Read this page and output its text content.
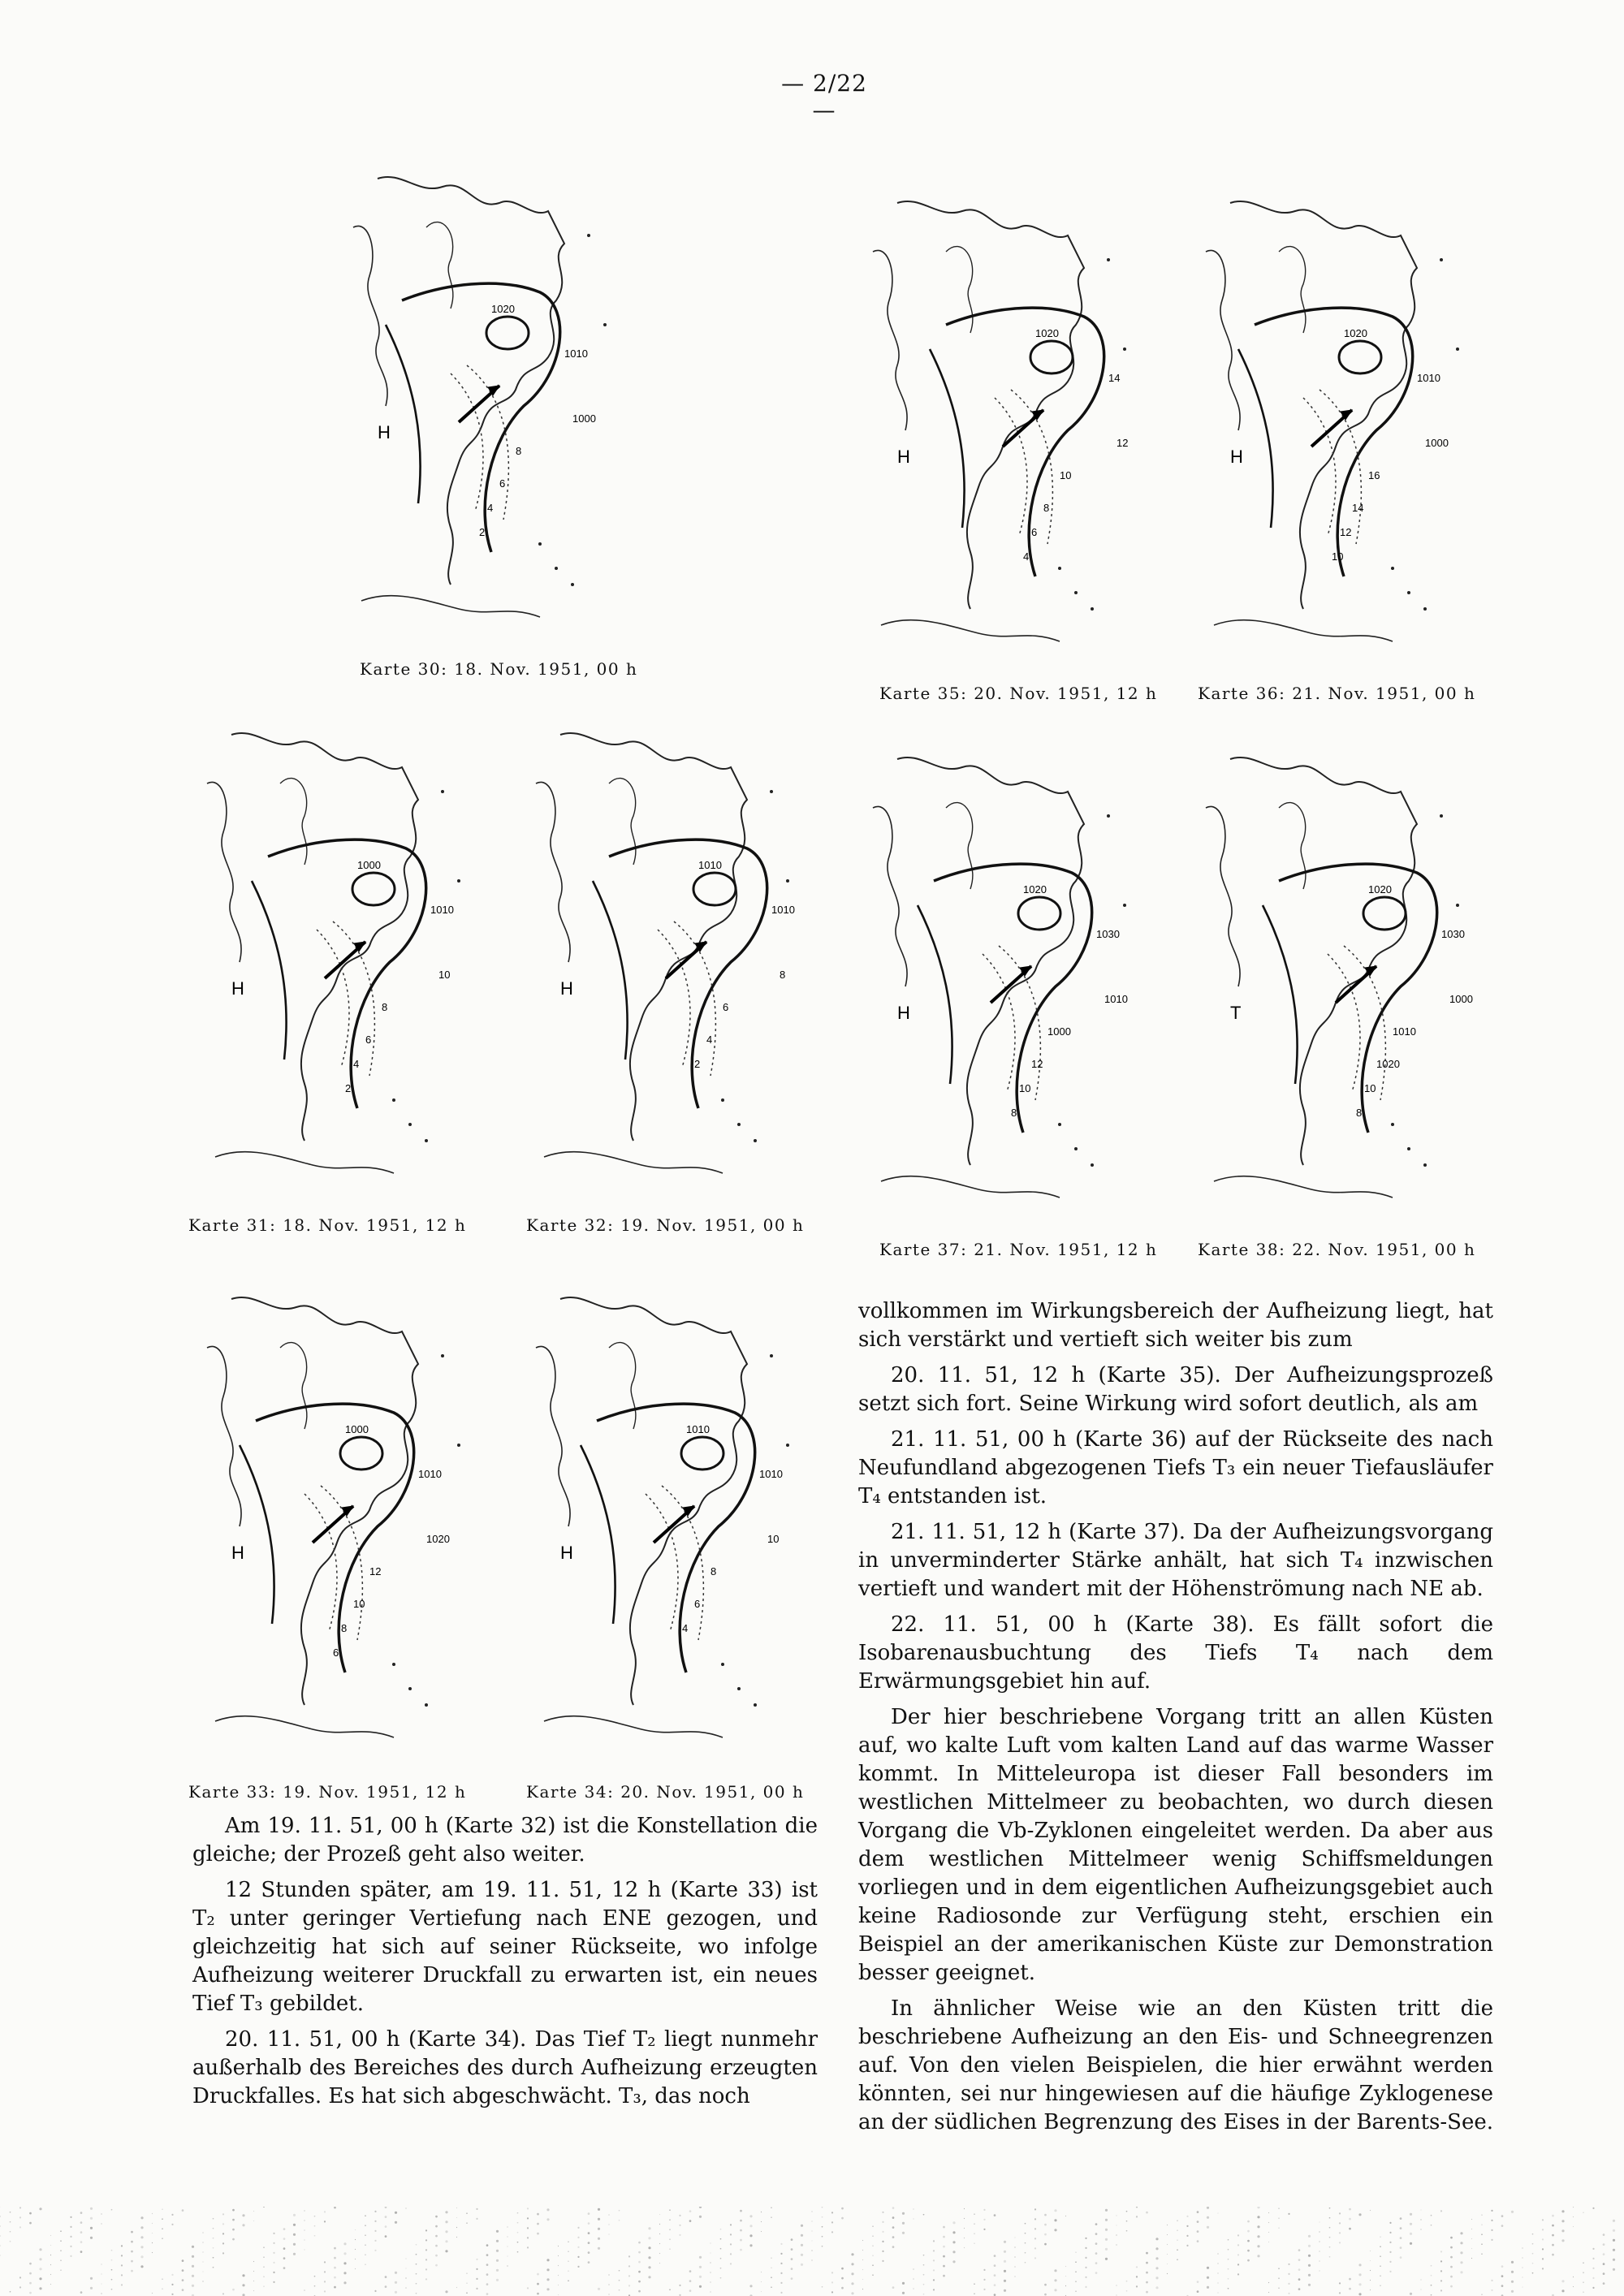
— 2/22 —
1020
1010
1000
8
6
4
2
H
Karte 30: 18. Nov. 1951, 00 h
1000
1010
10
8
6
4
2
H
Karte 31: 18. Nov. 1951, 12 h
1010
1010
8
6
4
2
H
Karte 32: 19. Nov. 1951, 00 h
1000
1010
1020
12
10
8
6
H
Karte 33: 19. Nov. 1951, 12 h
1010
1010
10
8
6
4
H
Karte 34: 20. Nov. 1951, 00 h
1020
14
12
10
8
6
4
H
Karte 35: 20. Nov. 1951, 12 h
1020
1010
1000
16
14
12
10
H
Karte 36: 21. Nov. 1951, 00 h
1020
1030
1010
1000
12
10
8
H
Karte 37: 21. Nov. 1951, 12 h
1020
1030
1000
1010
1020
10
8
T
Karte 38: 22. Nov. 1951, 00 h

Am 19. 11. 51, 00 h (Karte 32) ist die Konstellation die gleiche; der Prozeß geht also weiter.

12 Stunden später, am 19. 11. 51, 12 h (Karte 33) ist T₂ unter geringer Vertiefung nach ENE gezogen, und gleichzeitig hat sich auf seiner Rückseite, wo infolge Aufheizung weiterer Druckfall zu erwarten ist, ein neues Tief T₃ gebildet.

20. 11. 51, 00 h (Karte 34). Das Tief T₂ liegt nunmehr außerhalb des Bereiches des durch Aufheizung erzeugten Druckfalles. Es hat sich abgeschwächt. T₃, das noch

vollkommen im Wirkungsbereich der Aufheizung liegt, hat sich verstärkt und vertieft sich weiter bis zum

20. 11. 51, 12 h (Karte 35). Der Aufheizungsprozeß setzt sich fort. Seine Wirkung wird sofort deutlich, als am

21. 11. 51, 00 h (Karte 36) auf der Rückseite des nach Neufundland abgezogenen Tiefs T₃ ein neuer Tiefausläufer T₄ entstanden ist.

21. 11. 51, 12 h (Karte 37). Da der Aufheizungsvorgang in unverminderter Stärke anhält, hat sich T₄ inzwischen vertieft und wandert mit der Höhenströmung nach NE ab.

22. 11. 51, 00 h (Karte 38). Es fällt sofort die Isobarenausbuchtung des Tiefs T₄ nach dem Erwärmungsgebiet hin auf.

Der hier beschriebene Vorgang tritt an allen Küsten auf, wo kalte Luft vom kalten Land auf das warme Wasser kommt. In Mitteleuropa ist dieser Fall besonders im westlichen Mittelmeer zu beobachten, wo durch diesen Vorgang die Vb-Zyklonen eingeleitet werden. Da aber aus dem westlichen Mittelmeer wenig Schiffsmeldungen vorliegen und in dem eigentlichen Aufheizungsgebiet auch keine Radiosonde zur Verfügung steht, erschien ein Beispiel an der amerikanischen Küste zur Demonstration besser geeignet.

In ähnlicher Weise wie an den Küsten tritt die beschriebene Aufheizung an den Eis- und Schneegrenzen auf. Von den vielen Beispielen, die hier erwähnt werden könnten, sei nur hingewiesen auf die häufige Zyklogenese an der südlichen Begrenzung des Eises in der Barents-See.
